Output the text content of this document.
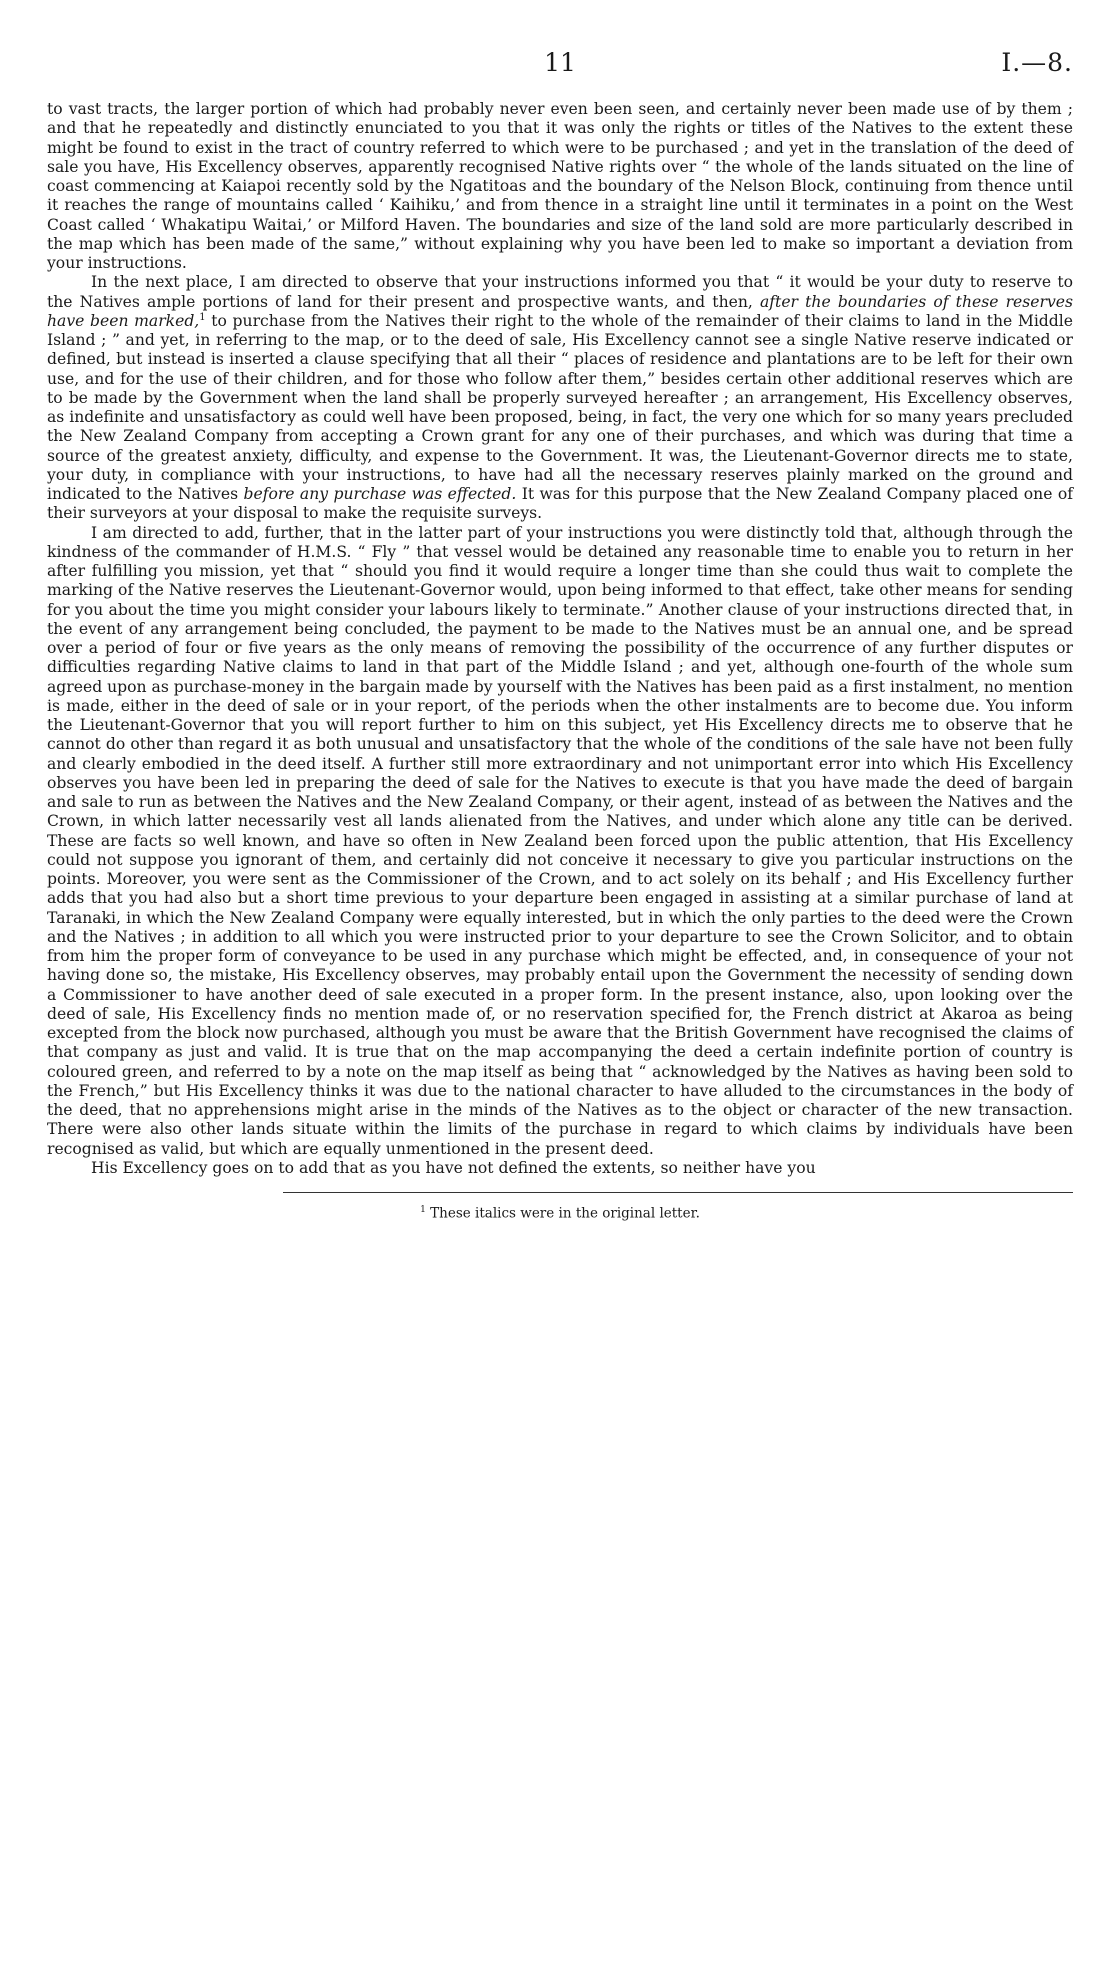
11	I.—8.

to vast tracts, the larger portion of which had probably never even been seen, and certainly never been made use of by them ; and that he repeatedly and distinctly enunciated to you that it was only the rights or titles of the Natives to the extent these might be found to exist in the tract of country referred to which were to be purchased ; and yet in the translation of the deed of sale you have, His Excellency observes, apparently recognised Native rights over “ the whole of the lands situated on the line of coast commencing at Kaiapoi recently sold by the Ngatitoas and the boundary of the Nelson Block, continuing from thence until it reaches the range of mountains called ‘ Kaihiku,’ and from thence in a straight line until it terminates in a point on the West Coast called ‘ Whakatipu Waitai,’ or Milford Haven. The boundaries and size of the land sold are more particularly described in the map which has been made of the same,” without explaining why you have been led to make so important a deviation from your instructions.

In the next place, I am directed to observe that your instructions informed you that “ it would be your duty to reserve to the Natives ample portions of land for their present and prospective wants, and then, after the boundaries of these reserves have been marked,$^1$ to purchase from the Natives their right to the whole of the remainder of their claims to land in the Middle Island ; ” and yet, in referring to the map, or to the deed of sale, His Excellency cannot see a single Native reserve indicated or defined, but instead is inserted a clause specifying that all their “ places of residence and plantations are to be left for their own use, and for the use of their children, and for those who follow after them,” besides certain other additional reserves which are to be made by the Government when the land shall be properly surveyed hereafter ; an arrangement, His Excellency observes, as indefinite and unsatisfactory as could well have been proposed, being, in fact, the very one which for so many years precluded the New Zealand Company from accepting a Crown grant for any one of their purchases, and which was during that time a source of the greatest anxiety, difficulty, and expense to the Government. It was, the Lieutenant-Governor directs me to state, your duty, in compliance with your instructions, to have had all the necessary reserves plainly marked on the ground and indicated to the Natives before any purchase was effected. It was for this purpose that the New Zealand Company placed one of their surveyors at your disposal to make the requisite surveys.

I am directed to add, further, that in the latter part of your instructions you were distinctly told that, although through the kindness of the commander of H.M.S. “ Fly ” that vessel would be detained any reasonable time to enable you to return in her after fulfilling you mission, yet that “ should you find it would require a longer time than she could thus wait to complete the marking of the Native reserves the Lieutenant-Governor would, upon being informed to that effect, take other means for sending for you about the time you might consider your labours likely to terminate.” Another clause of your instructions directed that, in the event of any arrangement being concluded, the payment to be made to the Natives must be an annual one, and be spread over a period of four or five years as the only means of removing the possibility of the occurrence of any further disputes or difficulties regarding Native claims to land in that part of the Middle Island ; and yet, although one-fourth of the whole sum agreed upon as purchase-money in the bargain made by yourself with the Natives has been paid as a first instalment, no mention is made, either in the deed of sale or in your report, of the periods when the other instalments are to become due. You inform the Lieutenant-Governor that you will report further to him on this subject, yet His Excellency directs me to observe that he cannot do other than regard it as both unusual and unsatisfactory that the whole of the conditions of the sale have not been fully and clearly embodied in the deed itself. A further still more extraordinary and not unimportant error into which His Excellency observes you have been led in preparing the deed of sale for the Natives to execute is that you have made the deed of bargain and sale to run as between the Natives and the New Zealand Company, or their agent, instead of as between the Natives and the Crown, in which latter necessarily vest all lands alienated from the Natives, and under which alone any title can be derived. These are facts so well known, and have so often in New Zealand been forced upon the public attention, that His Excellency could not suppose you ignorant of them, and certainly did not conceive it necessary to give you particular instructions on the points. Moreover, you were sent as the Commissioner of the Crown, and to act solely on its behalf ; and His Excellency further adds that you had also but a short time previous to your departure been engaged in assisting at a similar purchase of land at Taranaki, in which the New Zealand Company were equally interested, but in which the only parties to the deed were the Crown and the Natives ; in addition to all which you were instructed prior to your departure to see the Crown Solicitor, and to obtain from him the proper form of conveyance to be used in any purchase which might be effected, and, in consequence of your not having done so, the mistake, His Excellency observes, may probably entail upon the Government the necessity of sending down a Commissioner to have another deed of sale executed in a proper form. In the present instance, also, upon looking over the deed of sale, His Excellency finds no mention made of, or no reservation specified for, the French district at Akaroa as being excepted from the block now purchased, although you must be aware that the British Government have recognised the claims of that company as just and valid. It is true that on the map accompanying the deed a certain indefinite portion of country is coloured green, and referred to by a note on the map itself as being that “ acknowledged by the Natives as having been sold to the French,” but His Excellency thinks it was due to the national character to have alluded to the circumstances in the body of the deed, that no apprehensions might arise in the minds of the Natives as to the object or character of the new transaction. There were also other lands situate within the limits of the purchase in regard to which claims by individuals have been recognised as valid, but which are equally unmentioned in the present deed.

His Excellency goes on to add that as you have not defined the extents, so neither have you

$^1$ These italics were in the original letter.
